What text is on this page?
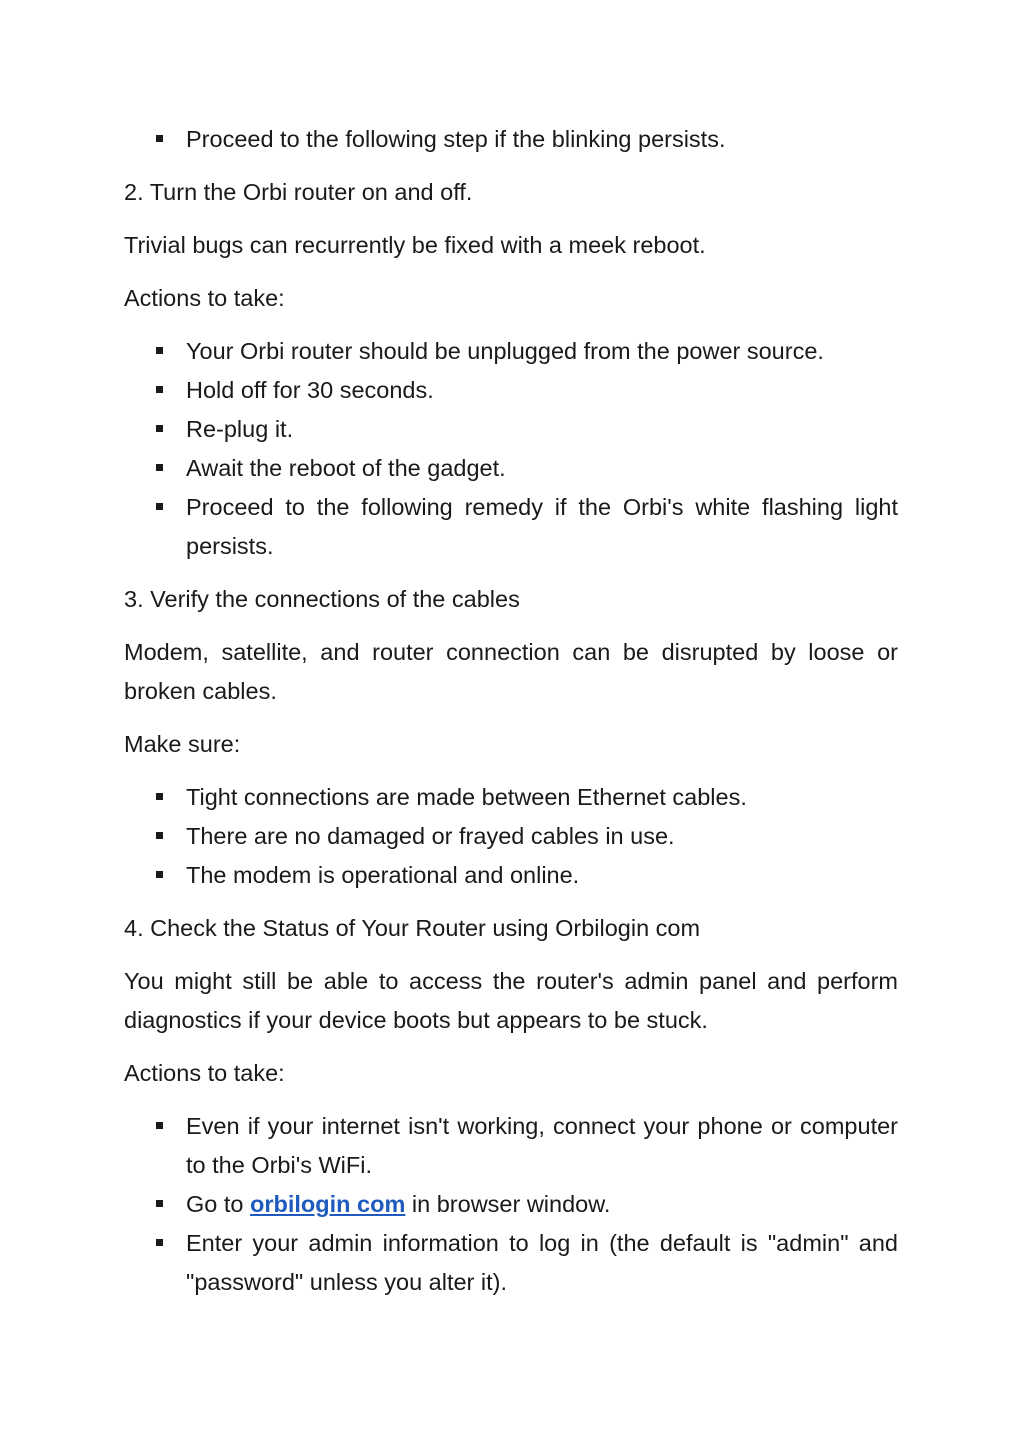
Proceed to the following step if the blinking persists.

2. Turn the Orbi router on and off.

Trivial bugs can recurrently be fixed with a meek reboot.

Actions to take:

Your Orbi router should be unplugged from the power source.
Hold off for 30 seconds.
Re-plug it.
Await the reboot of the gadget.
Proceed to the following remedy if the Orbi's white flashing light persists.

3. Verify the connections of the cables

Modem, satellite, and router connection can be disrupted by loose or broken cables.

Make sure:

Tight connections are made between Ethernet cables.
There are no damaged or frayed cables in use.
The modem is operational and online.

4. Check the Status of Your Router using Orbilogin com

You might still be able to access the router's admin panel and perform diagnostics if your device boots but appears to be stuck.

Actions to take:

Even if your internet isn't working, connect your phone or computer to the Orbi's WiFi.
Go to orbilogin com in browser window.
Enter your admin information to log in (the default is "admin" and "password" unless you alter it).
